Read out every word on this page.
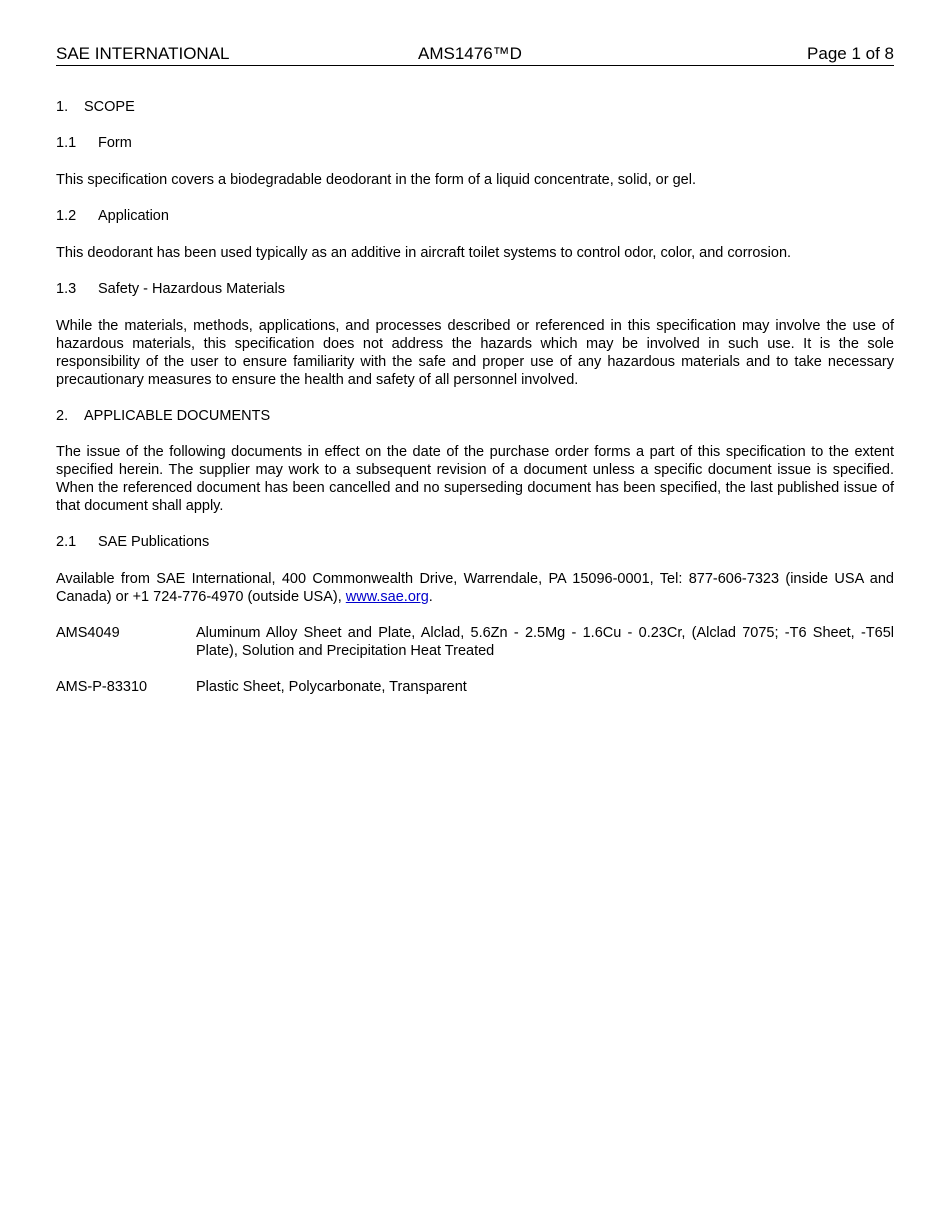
SAE INTERNATIONAL	AMS1476™D	Page 1 of 8
1. SCOPE
1.1 Form
This specification covers a biodegradable deodorant in the form of a liquid concentrate, solid, or gel.
1.2 Application
This deodorant has been used typically as an additive in aircraft toilet systems to control odor, color, and corrosion.
1.3 Safety - Hazardous Materials
While the materials, methods, applications, and processes described or referenced in this specification may involve the use of hazardous materials, this specification does not address the hazards which may be involved in such use. It is the sole responsibility of the user to ensure familiarity with the safe and proper use of any hazardous materials and to take necessary precautionary measures to ensure the health and safety of all personnel involved.
2. APPLICABLE DOCUMENTS
The issue of the following documents in effect on the date of the purchase order forms a part of this specification to the extent specified herein. The supplier may work to a subsequent revision of a document unless a specific document issue is specified. When the referenced document has been cancelled and no superseding document has been specified, the last published issue of that document shall apply.
2.1 SAE Publications
Available from SAE International, 400 Commonwealth Drive, Warrendale, PA 15096-0001, Tel: 877-606-7323 (inside USA and Canada) or +1 724-776-4970 (outside USA), www.sae.org.
AMS4049	Aluminum Alloy Sheet and Plate, Alclad, 5.6Zn - 2.5Mg - 1.6Cu - 0.23Cr, (Alclad 7075; -T6 Sheet, -T65l Plate), Solution and Precipitation Heat Treated
AMS-P-83310	Plastic Sheet, Polycarbonate, Transparent
